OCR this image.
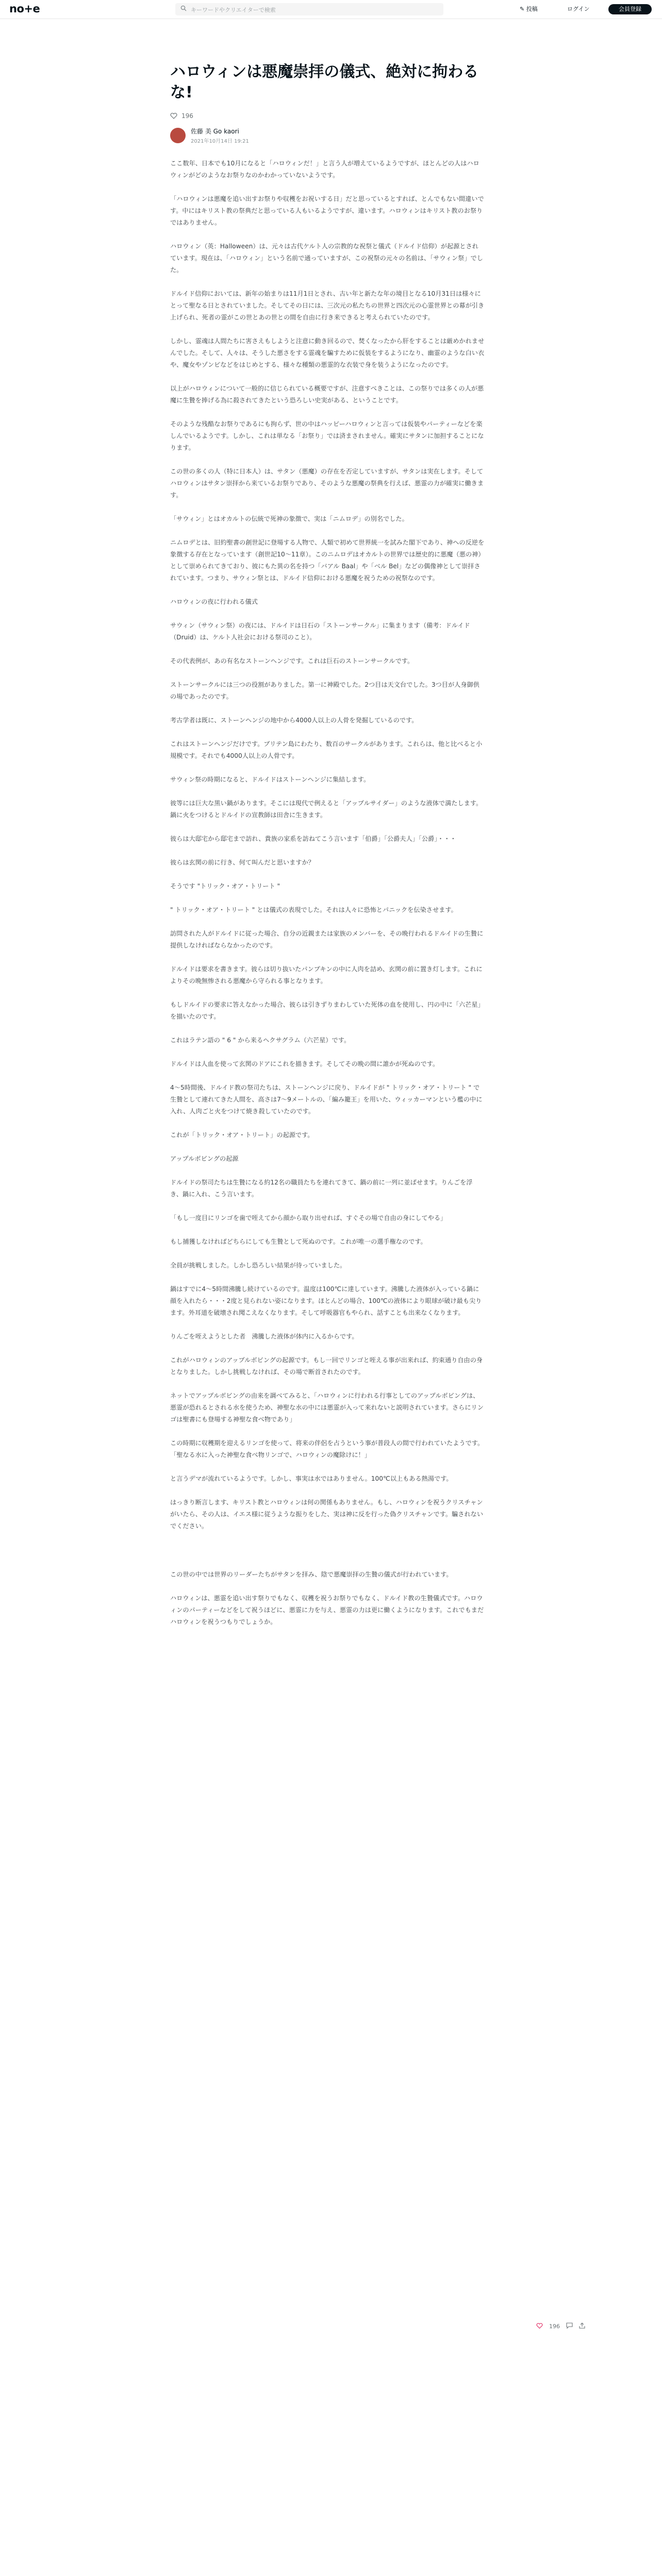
no+e	キーワードやクリエイターで検索	✎ 投稿	ログイン	会員登録
ハロウィンは悪魔崇拝の儀式、絶対に拘わるな!
196
佐藤 美 Go kaori
2021年10月14日 19:21

ここ数年、日本でも10月になると「ハロウィンだ！」と言う人が増えているようですが、ほとんどの人はハロウィンがどのようなお祭りなのかわかっていないようです。

「ハロウィンは悪魔を追い出すお祭りや収穫をお祝いする日」だと思っているとすれば、とんでもない間違いです。中にはキリスト教の祭典だと思っている人もいるようですが、違います。ハロウィンはキリスト教のお祭りではありません。

ハロウィン（英：Halloween）は、元々は古代ケルト人の宗教的な祝祭と儀式（ドルイド信仰）が起源とされています。現在は、「ハロウィン」という名前で通っていますが、この祝祭の元々の名前は、「サウィン祭」でした。

ドルイド信仰においては、新年の始まりは11月1日とされ、古い年と新たな年の境目となる10月31日は様々にとって聖なる日とされていました。そしてその日には、三次元の私たちの世界と四次元の心霊世界との幕が引き上げられ、死者の霊がこの世とあの世との間を自由に行き来できると考えられていたのです。

しかし、霊魂は人間たちに害さえもしようと注意に動き回るので、焚くなったから肝をすることは厳めかれませんでした。そして、人々は、そうした悪さをする霊魂を騙すために仮装をするようになり、幽霊のような白い衣や、魔女やゾンビなどをはじめとする、様々な種類の悪霊的な衣装で身を装うようになったのです。

以上がハロウィンについて一般的に信じられている概要ですが、注意すべきことは、この祭りでは多くの人が悪魔に生贄を捧げる為に殺されてきたという恐ろしい史実がある、ということです。

そのような残酷なお祭りであるにも拘らず、世の中はハッピーハロウィンと言っては仮装やパーティーなどを楽しんでいるようです。しかし、これは単なる「お祭り」では済まされません。確実にサタンに加担することになります。

この世の多くの人（特に日本人）は、サタン（悪魔）の存在を否定していますが、サタンは実在します。そしてハロウィンはサタン崇拝から来ているお祭りであり、そのような悪魔の祭典を行えば、悪霊の力が確実に働きます。

「サウィン」とはオカルトの伝統で死神の象徴で、実は「ニムロデ」の別名でした。

ニムロデとは、旧約聖書の創世記に登場する人物で、人類で初めて世界統一を試みた閣下であり、神への反逆を象徴する存在となっています（創世記10〜11章）。このニムロデはオカルトの世界では歴史的に悪魔（悪の神）として崇められてきており、彼にもた異の名を持つ「バアル Baal」や「ベル Bel」などの偶像神として崇拝されています。つまり、サウィン祭とは、ドルイド信仰における悪魔を祝うための祝祭なのです。

ハロウィンの夜に行われる儀式

サウィン（サウィン祭）の夜には、ドルイドは日石の「ストーンサークル」に集まります（備考：ドルイド（Druid）は、ケルト人社会における祭司のこと）。

その代表例が、あの有名なストーンヘンジです。これは巨石のストーンサークルです。

ストーンサークルには三つの役割がありました。第一に神殿でした。2つ目は天文台でした。3つ目が人身御供の場であったのです。

考古学者は既に、ストーンヘンジの地中から4000人以上の人骨を発掘しているのです。

これはストーンヘンジだけです。ブリテン島にわたり、数百のサークルがあります。これらは、他と比べると小規模です。それでも4000人以上の人骨です。

サウィン祭の時期になると、ドルイドはストーンヘンジに集結します。

彼等には巨大な黒い鍋があります。そこには現代で例えると「アップルサイダー」のような液体で満たします。鍋に火をつけるとドルイドの宣教師は田舎に生きます。

彼らは大邸宅から邸宅まで訪れ、貴族の家系を訪ねてこう言います「伯爵」「公爵夫人」「公爵」・・・

彼らは玄関の前に行き、何て叫んだと思いますか？

そうです "トリック・オア・トリート "

" トリック・オア・トリート " とは儀式の表現でした。それは人々に恐怖とパニックを伝染させます。

訪問された人がドルイドに従った場合、自分の近親または家族のメンバーを、その晩行われるドルイドの生贄に提供しなければならなかったのです。

ドルイドは要求を書きます。彼らは切り抜いたパンプキンの中に人肉を詰め、玄関の前に置き灯します。これによりその晩無惨される悪魔から守られる事となります。

もしドルイドの要求に答えなかった場合、彼らは引きずりまわしていた死体の血を使用し、円の中に「六芒星」を描いたのです。

これはラテン語の " 6 " から来るヘクサグラム（六芒星）です。

ドルイドは人血を使って玄関のドアにこれを描きます。そしてその晩の間に誰かが死ぬのです。

4〜5時間後、ドルイド教の祭司たちは、ストーンヘンジに戻り、ドルイドが " トリック・オア・トリート " で生贄として連れてきた人間を、高さは7〜9メートルの、「編み籠王」を用いた、ウィッカーマンという檻の中に入れ、人肉ごと火をつけて焼き殺していたのです。

これが「トリック・オア・トリート」の起源です。

アップルボビングの起源

ドルイドの祭司たちは生贄になる約12名の職員たちを連れてきて、鍋の前に一列に並ばせます。りんごを浮き、鍋に入れ、こう言います。

「もし一度目にリンゴを歯で咥えてから顔から取り出せれば、すぐその場で自由の身にしてやる」

もし捕獲しなければどちらにしても生贄として死ぬのです。これが唯一の選手権なのです。

全員が挑戦しました。しかし恐ろしい結果が待っていました。

鍋はすでに4〜5時間沸騰し続けているのです。温度は100℃に達しています。沸騰した液体が入っている鍋に顔を入れたら・・・2度と見られない姿になります。ほとんどの場合、100℃の液体により眼球が破け最も尖ります。外耳道を破壊され聞こえなくなります。そして呼吸器官もやられ、話すことも出来なくなります。

りんごを咥えようとした者　沸騰した液体が体内に入るからです。

これがハロウィンのアップルボビングの起源です。もし一回でリンゴと咥える事が出来れば、約束通り自由の身となりました。しかし挑戦しなければ、その場で断首されたのです。

ネットでアップルボビングの由来を調べてみると、「ハロウィンに行われる行事としてのアップルボビングは、悪霊が恐れるとされる水を使うため、神聖な水の中には悪霊が入って来れないと説明されています。さらにリンゴは聖書にも登場する神聖な食べ物であり」

この時期に収穫期を迎えるリンゴを使って、将来の伴侶を占うという事が普段人の間で行われていたようです。「聖なる水に入った神聖な食べ物リンゴで、ハロウィンの魔除けに！」

と言うデマが流れているようです。しかし、事実は水ではありません。100℃以上もある熱湯です。

はっきり断言します、キリスト教とハロウィンは何の関係もありません。もし、ハロウィンを祝うクリスチャンがいたら、その人は、イエス様に従うような振りをした、実は神に反を行った偽クリスチャンです。騙されないでください。

この世の中では世界のリーダーたちがサタンを拝み、陰で悪魔崇拝の生贄の儀式が行われています。

ハロウィンは、悪霊を追い出す祭りでもなく、収穫を祝うお祭りでもなく、ドルイド教の生贄儀式です。ハロウィンのパーティーなどをして祝うほどに、悪霊に力を与え、悪霊の力は更に働くようになります。これでもまだハロウィンを祝うつもりでしょうか。

196
